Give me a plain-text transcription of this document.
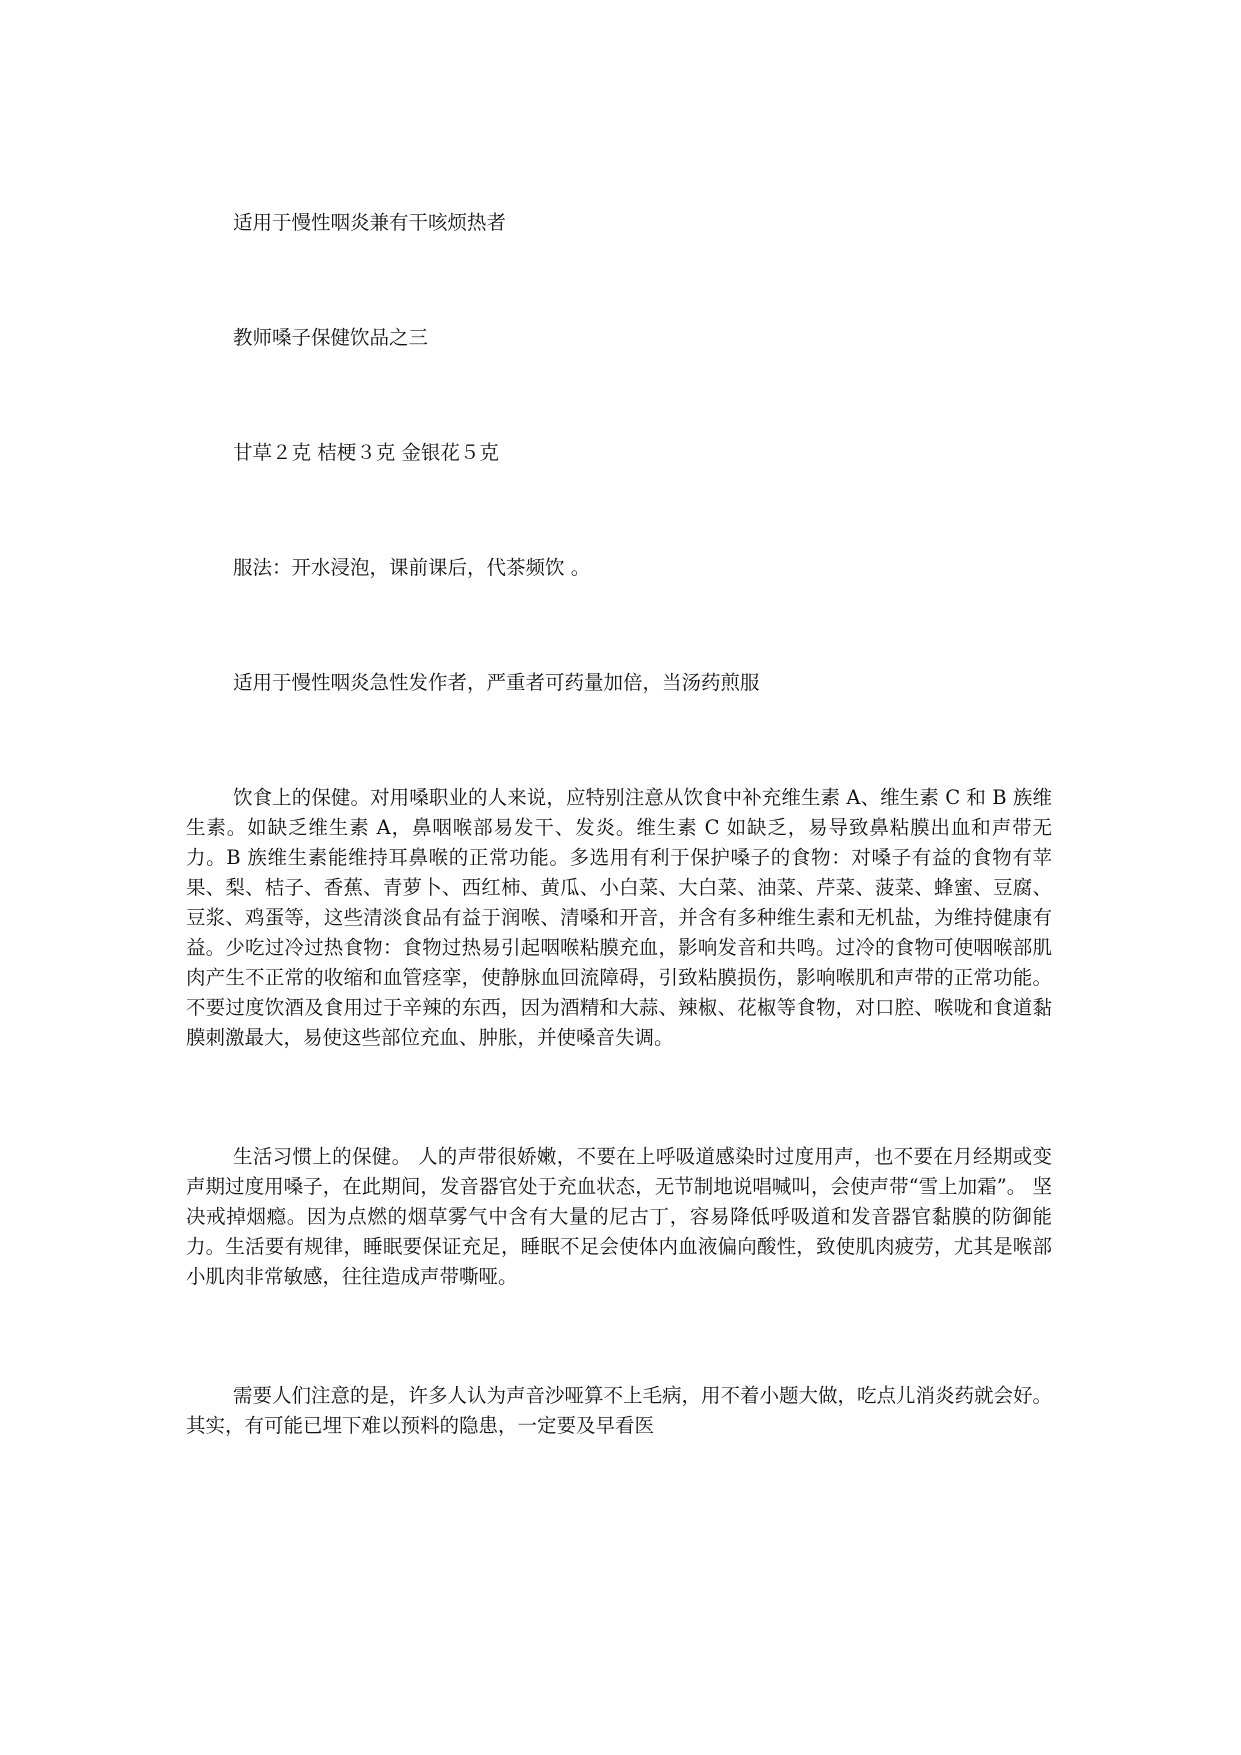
适用于慢性咽炎兼有干咳烦热者
教师嗓子保健饮品之三
甘草２克 桔梗３克 金银花５克
服法：开水浸泡，课前课后，代茶频饮 。
适用于慢性咽炎急性发作者，严重者可药量加倍，当汤药煎服

饮食上的保健。对用嗓职业的人来说，应特别注意从饮食中补充维生素 A、维生素 C 和 B 族维生素。如缺乏维生素 A，鼻咽喉部易发干、发炎。维生素 C 如缺乏，易导致鼻粘膜出血和声带无力。B 族维生素能维持耳鼻喉的正常功能。多选用有利于保护嗓子的食物：对嗓子有益的食物有苹果、梨、桔子、香蕉、青萝卜、西红柿、黄瓜、小白菜、大白菜、油菜、芹菜、菠菜、蜂蜜、豆腐、豆浆、鸡蛋等，这些清淡食品有益于润喉、清嗓和开音，并含有多种维生素和无机盐，为维持健康有益。少吃过冷过热食物：食物过热易引起咽喉粘膜充血，影响发音和共鸣。过冷的食物可使咽喉部肌肉产生不正常的收缩和血管痉挛，使静脉血回流障碍，引致粘膜损伤，影响喉肌和声带的正常功能。不要过度饮酒及食用过于辛辣的东西，因为酒精和大蒜、辣椒、花椒等食物，对口腔、喉咙和食道黏膜刺激最大，易使这些部位充血、肿胀，并使嗓音失调。

生活习惯上的保健。 人的声带很娇嫩，不要在上呼吸道感染时过度用声，也不要在月经期或变声期过度用嗓子，在此期间，发音器官处于充血状态，无节制地说唱喊叫，会使声带“雪上加霜”。 坚决戒掉烟瘾。因为点燃的烟草雾气中含有大量的尼古丁，容易降低呼吸道和发音器官黏膜的防御能力。生活要有规律，睡眠要保证充足，睡眠不足会使体内血液偏向酸性，致使肌肉疲劳，尤其是喉部小肌肉非常敏感，往往造成声带嘶哑。

需要人们注意的是，许多人认为声音沙哑算不上毛病，用不着小题大做，吃点儿消炎药就会好。其实，有可能已埋下难以预料的隐患，一定要及早看医
